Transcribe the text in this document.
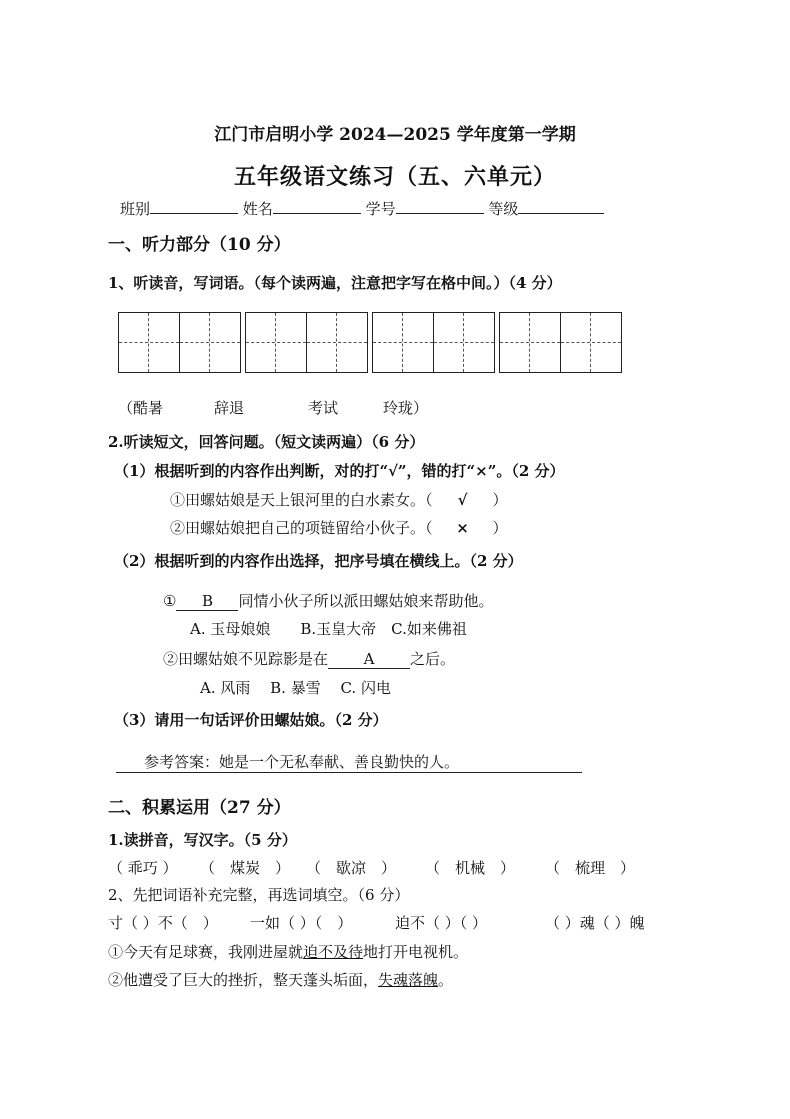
江门市启明小学 2024—2025 学年度第一学期
五年级语文练习（五、六单元）
班别	姓名	学号	等级
一、听力部分（10 分）
1、听读音，写词语。（每个读两遍，注意把字写在格中间。）（4 分）
（酷暑	辞退	考试	玲珑）
2.听读短文，回答问题。（短文读两遍）（6 分）
（1）根据听到的内容作出判断，对的打“√”，错的打“×”。（2 分）
①田螺姑娘是天上银河里的白水素女。（ √ ）
②田螺姑娘把自己的项链留给小伙子。（ × ）
（2）根据听到的内容作出选择，把序号填在横线上。（2 分）
① B 同情小伙子所以派田螺姑娘来帮助他。
A. 玉母娘娘　　B.玉皇大帝　C.如来佛祖
②田螺姑娘不见踪影是在 A 之后。
A. 风雨　 B. 暴雪　 C. 闪电
（3）请用一句话评价田螺姑娘。（2 分）
参考答案：她是一个无私奉献、善良勤快的人。
二、积累运用（27 分）
1.读拼音，写汉字。（5 分）
（ 乖巧 ） （　煤炭　） （　歇凉　） （　机械　） （　梳理　）
2、先把词语补充完整，再选词填空。（6 分）
寸（ ）不（　） 一如（ ）（　）	迫不（ ）（ ）	（ ）魂（ ）魄
①今天有足球赛，我刚进屋就迫不及待地打开电视机。
②他遭受了巨大的挫折，整天蓬头垢面，失魂落魄。
